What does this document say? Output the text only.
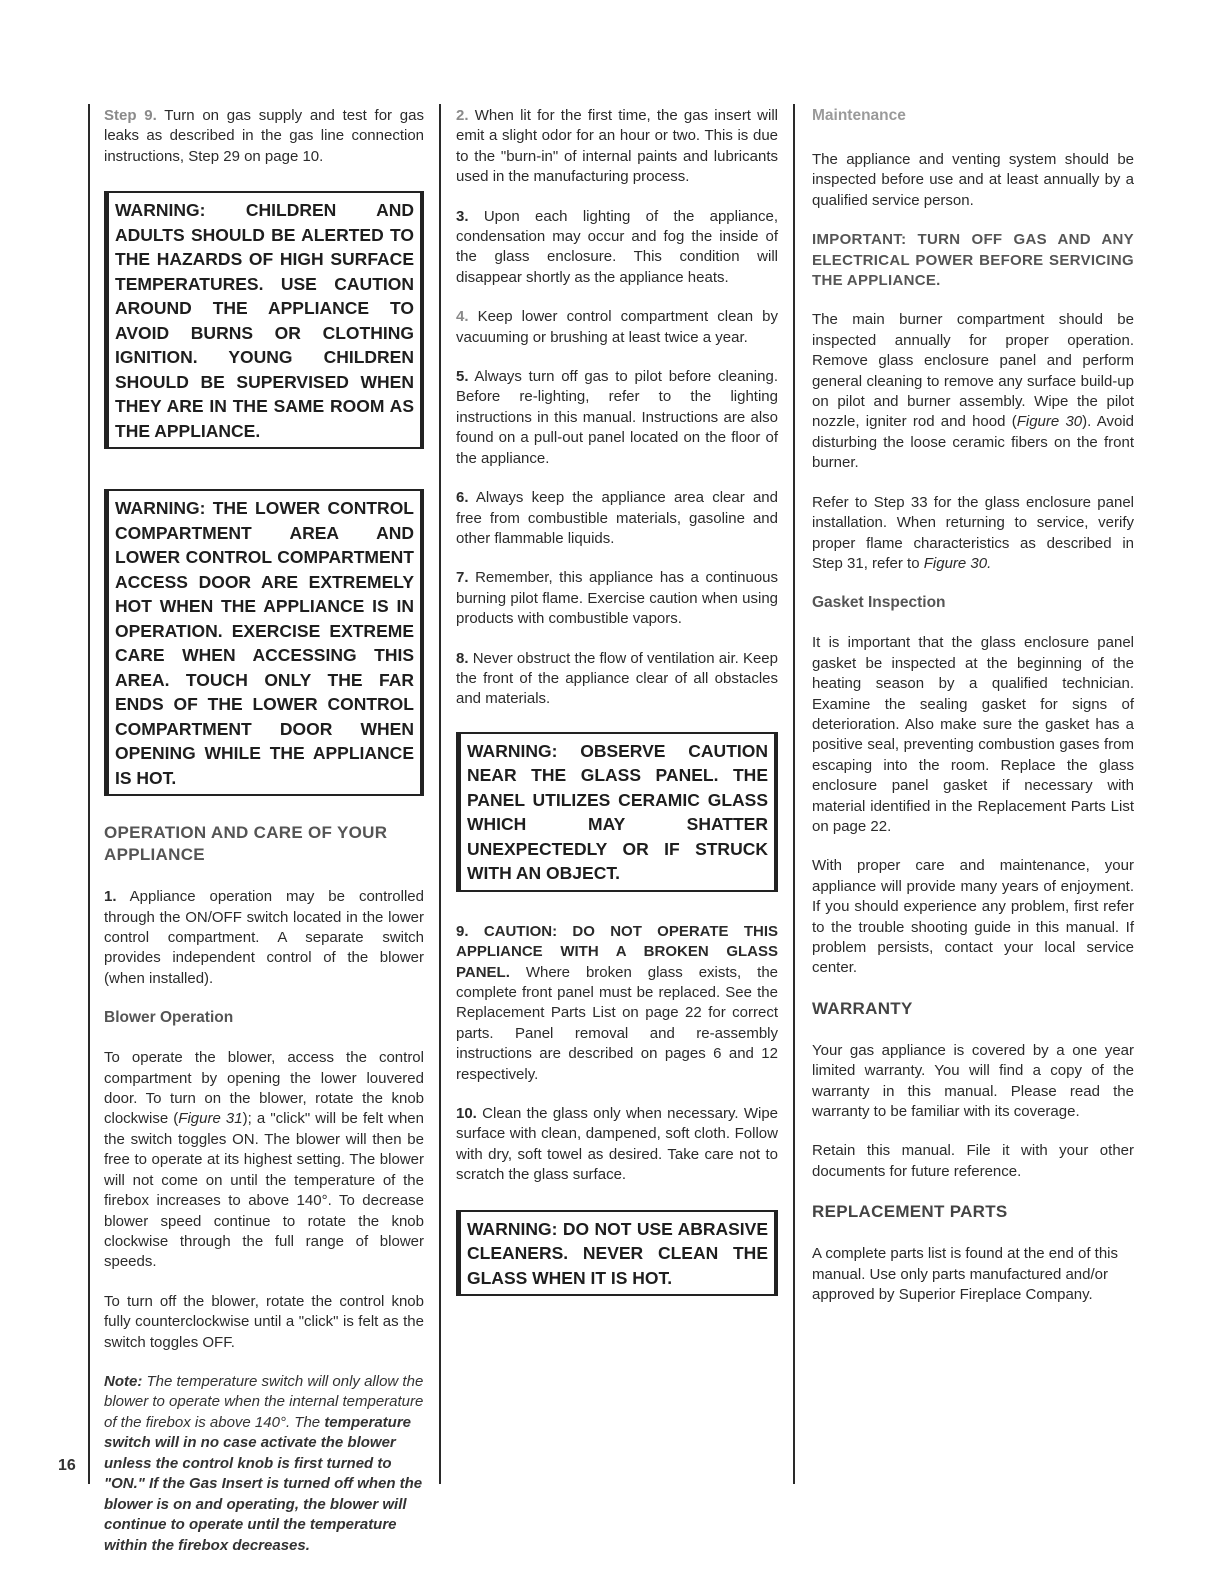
16

Step 9. Turn on gas supply and test for gas leaks as described in the gas line connection instructions, Step 29 on page 10.

WARNING: CHILDREN AND ADULTS SHOULD BE ALERTED TO THE HAZARDS OF HIGH SURFACE TEMPERATURES. USE CAUTION AROUND THE APPLIANCE TO AVOID BURNS OR CLOTHING IGNITION. YOUNG CHILDREN SHOULD BE SUPERVISED WHEN THEY ARE IN THE SAME ROOM AS THE APPLIANCE.
WARNING: THE LOWER CONTROL COMPARTMENT AREA AND LOWER CONTROL COMPARTMENT ACCESS DOOR ARE EXTREMELY HOT WHEN THE APPLIANCE IS IN OPERATION. EXERCISE EXTREME CARE WHEN ACCESSING THIS AREA. TOUCH ONLY THE FAR ENDS OF THE LOWER CONTROL COMPARTMENT DOOR WHEN OPENING WHILE THE APPLIANCE IS HOT.
OPERATION AND CARE OF YOUR APPLIANCE

1. Appliance operation may be controlled through the ON/OFF switch located in the lower control compartment. A separate switch provides independent control of the blower (when installed).

Blower Operation

To operate the blower, access the control compartment by opening the lower louvered door. To turn on the blower, rotate the knob clockwise (Figure 31); a "click" will be felt when the switch toggles ON. The blower will then be free to operate at its highest setting. The blower will not come on until the temperature of the firebox increases to above 140°. To decrease blower speed continue to rotate the knob clockwise through the full range of blower speeds.

To turn off the blower, rotate the control knob fully counterclockwise until a "click" is felt as the switch toggles OFF.

Note: The temperature switch will only allow the blower to operate when the internal temperature of the firebox is above 140°. The temperature switch will in no case activate the blower unless the control knob is first turned to "ON." If the Gas Insert is turned off when the blower is on and operating, the blower will continue to operate until the temperature within the firebox decreases.

2. When lit for the first time, the gas insert will emit a slight odor for an hour or two. This is due to the "burn-in" of internal paints and lubricants used in the manufacturing process.

3. Upon each lighting of the appliance, condensation may occur and fog the inside of the glass enclosure. This condition will disappear shortly as the appliance heats.

4. Keep lower control compartment clean by vacuuming or brushing at least twice a year.

5. Always turn off gas to pilot before cleaning. Before re-lighting, refer to the lighting instructions in this manual. Instructions are also found on a pull-out panel located on the floor of the appliance.

6. Always keep the appliance area clear and free from combustible materials, gasoline and other flammable liquids.

7. Remember, this appliance has a continuous burning pilot flame. Exercise caution when using products with combustible vapors.

8. Never obstruct the flow of ventilation air. Keep the front of the appliance clear of all obstacles and materials.

WARNING: OBSERVE CAUTION NEAR THE GLASS PANEL. THE PANEL UTILIZES CERAMIC GLASS WHICH MAY SHATTER UNEXPECTEDLY OR IF STRUCK WITH AN OBJECT.

9. CAUTION: DO NOT OPERATE THIS APPLIANCE WITH A BROKEN GLASS PANEL. Where broken glass exists, the complete front panel must be replaced. See the Replacement Parts List on page 22 for correct parts. Panel removal and re-assembly instructions are described on pages 6 and 12 respectively.

10. Clean the glass only when necessary. Wipe surface with clean, dampened, soft cloth. Follow with dry, soft towel as desired. Take care not to scratch the glass surface.

WARNING: DO NOT USE ABRASIVE CLEANERS. NEVER CLEAN THE GLASS WHEN IT IS HOT.
Maintenance

The appliance and venting system should be inspected before use and at least annually by a qualified service person.

IMPORTANT: TURN OFF GAS AND ANY ELECTRICAL POWER BEFORE SERVICING THE APPLIANCE.

The main burner compartment should be inspected annually for proper operation. Remove glass enclosure panel and perform general cleaning to remove any surface build-up on pilot and burner assembly. Wipe the pilot nozzle, igniter rod and hood (Figure 30). Avoid disturbing the loose ceramic fibers on the front burner.

Refer to Step 33 for the glass enclosure panel installation. When returning to service, verify proper flame characteristics as described in Step 31, refer to Figure 30.

Gasket Inspection

It is important that the glass enclosure panel gasket be inspected at the beginning of the heating season by a qualified technician. Examine the sealing gasket for signs of deterioration. Also make sure the gasket has a positive seal, preventing combustion gases from escaping into the room. Replace the glass enclosure panel gasket if necessary with material identified in the Replacement Parts List on page 22.

With proper care and maintenance, your appliance will provide many years of enjoyment. If you should experience any problem, first refer to the trouble shooting guide in this manual. If problem persists, contact your local service center.

WARRANTY

Your gas appliance is covered by a one year limited warranty. You will find a copy of the warranty in this manual. Please read the warranty to be familiar with its coverage.

Retain this manual. File it with your other documents for future reference.

REPLACEMENT PARTS

A complete parts list is found at the end of this manual. Use only parts manufactured and/or approved by Superior Fireplace Company.
